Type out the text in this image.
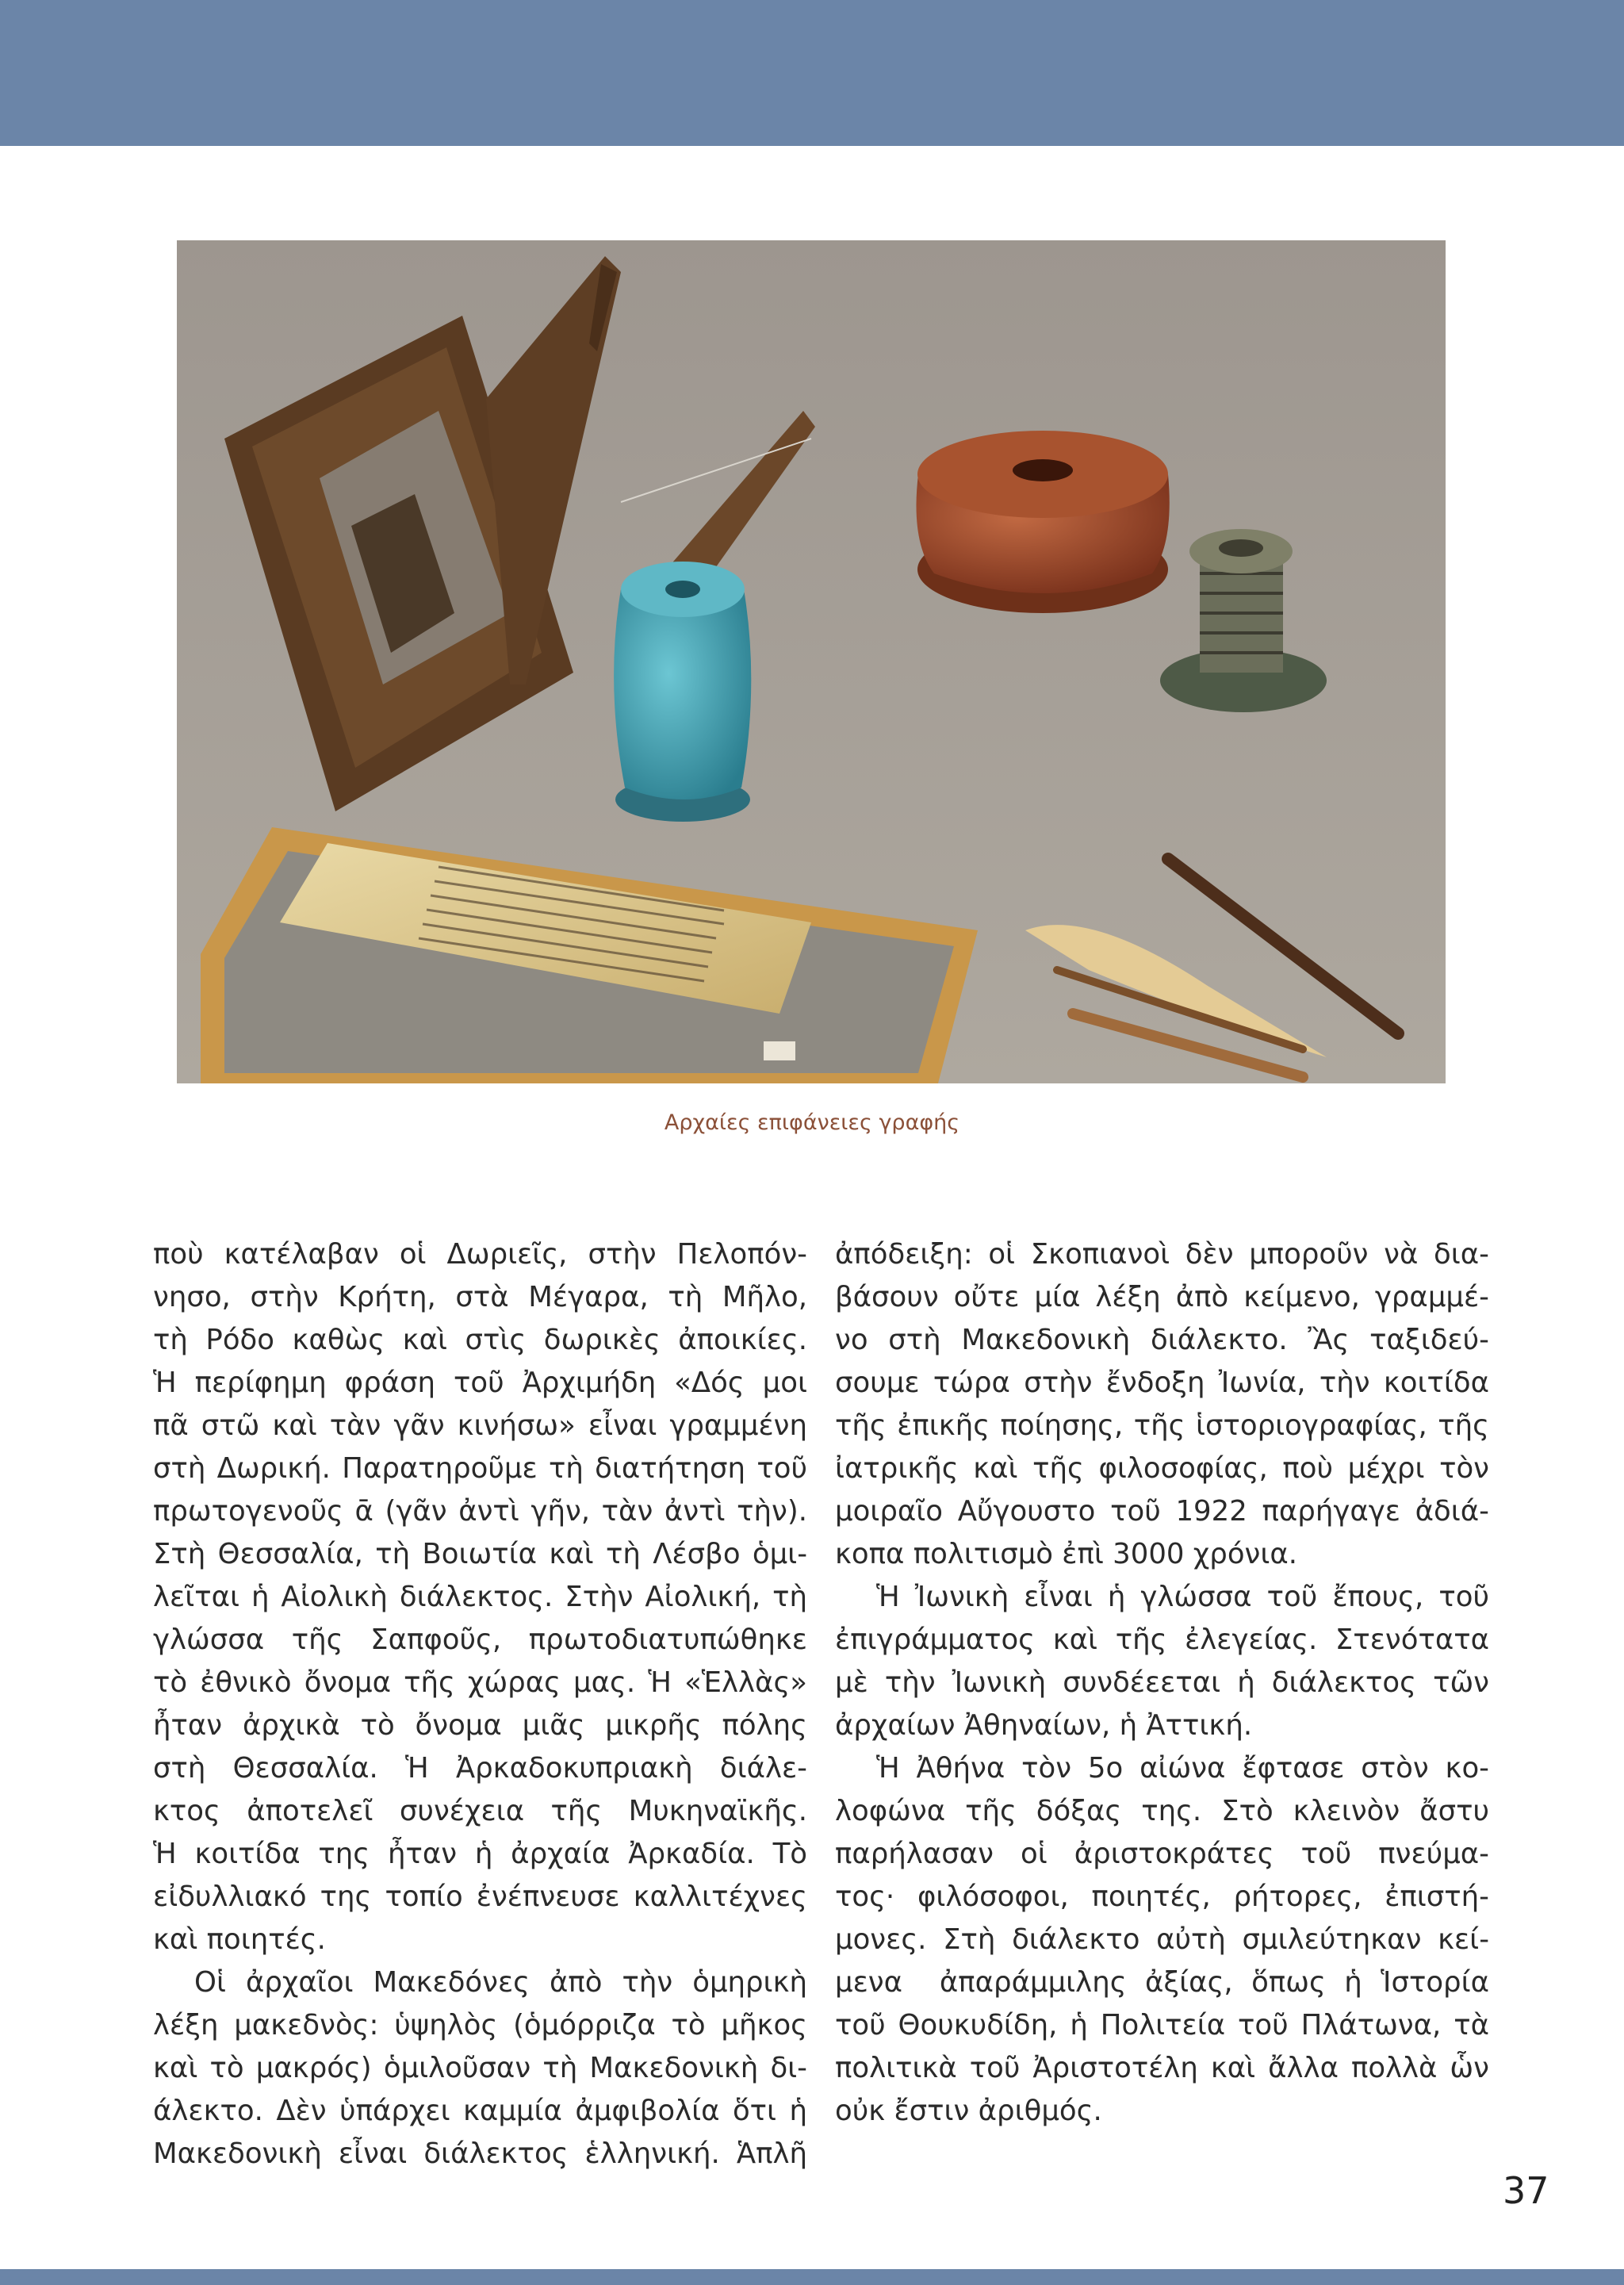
Αρχαίες επιφάνειες γραφής
ποὺ κατέλαβαν οἱ Δωριεῖς, στὴν Πελοπόν-
νησο, στὴν Κρήτη, στὰ Μέγαρα, τὴ Μῆλο,
τὴ Ρόδο καθὼς καὶ στὶς δωρικὲς ἀποικίες.
Ἡ περίφημη φράση τοῦ Ἀρχιμήδη «Δός μοι
πᾶ στῶ καὶ τὰν γᾶν κινήσω» εἶναι γραμμένη
στὴ Δωρική. Παρατηροῦμε τὴ διατήτηση τοῦ
πρωτογενοῦς ᾱ (γᾶν ἀντὶ γῆν, τὰν ἀντὶ τὴν).
Στὴ Θεσσαλία, τὴ Βοιωτία καὶ τὴ Λέσβο ὁμι-
λεῖται ἡ Αἰολικὴ διάλεκτος. Στὴν Αἰολική, τὴ
γλώσσα τῆς Σαπφοῦς, πρωτοδιατυπώθηκε
τὸ ἐθνικὸ ὄνομα τῆς χώρας μας. Ἡ «Ἑλλὰς»
ἦταν ἀρχικὰ τὸ ὄνομα μιᾶς μικρῆς πόλης
στὴ Θεσσαλία. Ἡ Ἀρκαδοκυπριακὴ διάλε-
κτος ἀποτελεῖ συνέχεια τῆς Μυκηναϊκῆς.
Ἡ κοιτίδα της ἦταν ἡ ἀρχαία Ἀρκαδία. Τὸ
εἰδυλλιακό της τοπίο ἐνέπνευσε καλλιτέχνες
καὶ ποιητές.
Οἱ ἀρχαῖοι Μακεδόνες ἀπὸ τὴν ὁμηρικὴ
λέξη μακεδνὸς: ὑψηλὸς (ὁμόρριζα τὸ μῆκος
καὶ τὸ μακρός) ὁμιλοῦσαν τὴ Μακεδονικὴ δι-
άλεκτο. Δὲν ὑπάρχει καμμία ἀμφιβολία ὅτι ἡ
Μακεδονικὴ εἶναι διάλεκτος ἑλληνική. Ἁπλῆ
ἀπόδειξη: οἱ Σκοπιανοὶ δὲν μποροῦν νὰ δια-
βάσουν οὔτε μία λέξη ἀπὸ κείμενο, γραμμέ-
νο στὴ Μακεδονικὴ διάλεκτο. Ἂς ταξιδεύ-
σουμε τώρα στὴν ἔνδοξη Ἰωνία, τὴν κοιτίδα
τῆς ἐπικῆς ποίησης, τῆς ἱστοριογραφίας, τῆς
ἰατρικῆς καὶ τῆς φιλοσοφίας, ποὺ μέχρι τὸν
μοιραῖο Αὔγουστο τοῦ 1922 παρήγαγε ἀδιά-
κοπα πολιτισμὸ ἐπὶ 3000 χρόνια.
Ἡ Ἰωνικὴ εἶναι ἡ γλώσσα τοῦ ἔπους, τοῦ
ἐπιγράμματος καὶ τῆς ἐλεγείας. Στενότατα
μὲ τὴν Ἰωνικὴ συνδέεεται ἡ διάλεκτος τῶν
ἀρχαίων Ἀθηναίων, ἡ Ἀττική.
Ἡ Ἀθήνα τὸν 5ο αἰώνα ἔφτασε στὸν κο-
λοφώνα τῆς δόξας της. Στὸ κλεινὸν ἄστυ
παρήλασαν οἱ ἀριστοκράτες τοῦ πνεύμα-
τος· φιλόσοφοι, ποιητές, ρήτορες, ἐπιστή-
μονες. Στὴ διάλεκτο αὐτὴ σμιλεύτηκαν κεί-
μενα  ἀπαράμμιλης ἀξίας, ὅπως ἡ Ἱστορία
τοῦ Θουκυδίδη, ἡ Πολιτεία τοῦ Πλάτωνα, τὰ
πολιτικὰ τοῦ Ἀριστοτέλη καὶ ἄλλα πολλὰ ὧν
οὐκ ἔστιν ἀριθμός.
37
